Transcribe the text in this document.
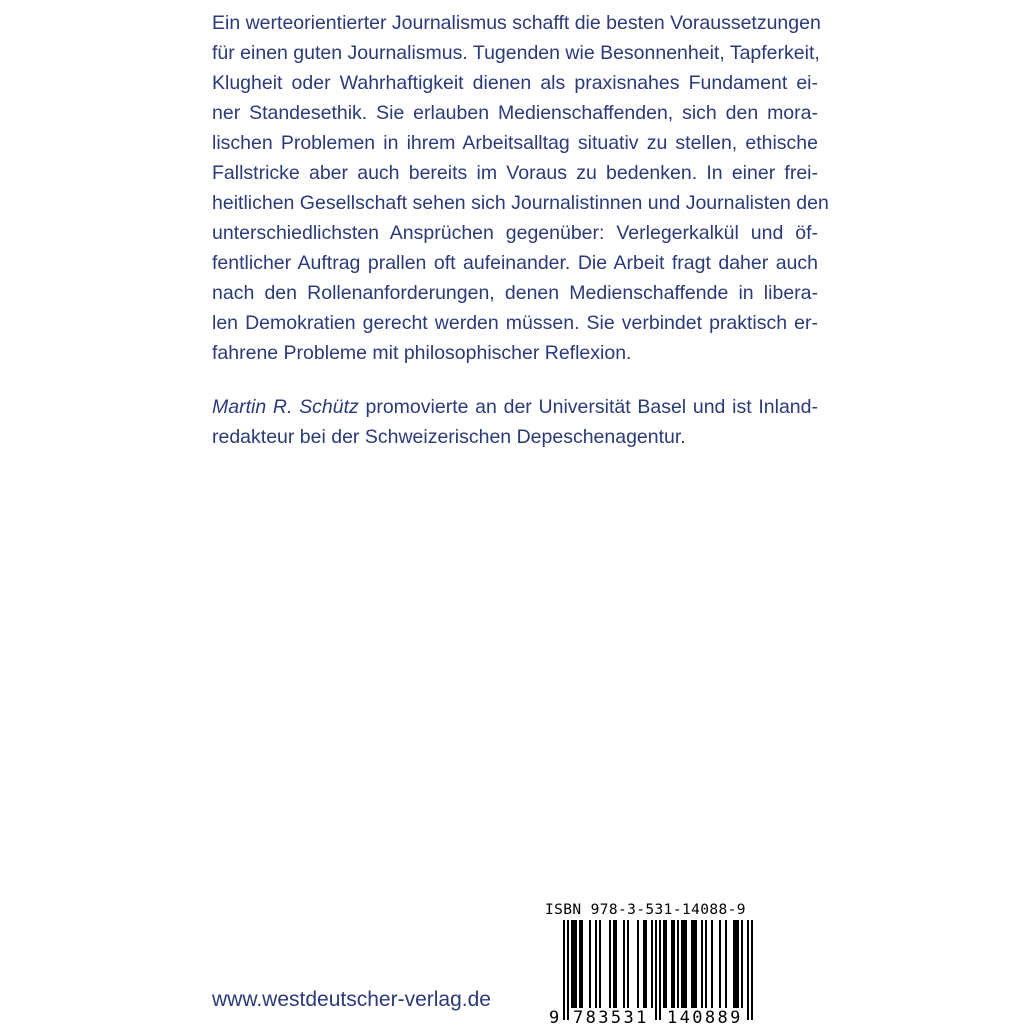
Ein werteorientierter Journalismus schafft die besten Voraussetzungen
für einen guten Journalismus. Tugenden wie Besonnenheit, Tapferkeit,
Klugheit oder Wahrhaftigkeit dienen als praxisnahes Fundament ei-
ner Standesethik. Sie erlauben Medienschaffenden, sich den mora-
lischen Problemen in ihrem Arbeitsalltag situativ zu stellen, ethische
Fallstricke aber auch bereits im Voraus zu bedenken. In einer frei-
heitlichen Gesellschaft sehen sich Journalistinnen und Journalisten den
unterschiedlichsten Ansprüchen gegenüber: Verlegerkalkül und öf-
fentlicher Auftrag prallen oft aufeinander. Die Arbeit fragt daher auch
nach den Rollenanforderungen, denen Medienschaffende in libera-
len Demokratien gerecht werden müssen. Sie verbindet praktisch er-
fahrene Probleme mit philosophischer Reflexion.
Martin R. Schütz promovierte an der Universität Basel und ist Inland-
redakteur bei der Schweizerischen Depeschenagentur.
www.westdeutscher-verlag.de
ISBN 978-3-531-14088-9
9 783531 140889
